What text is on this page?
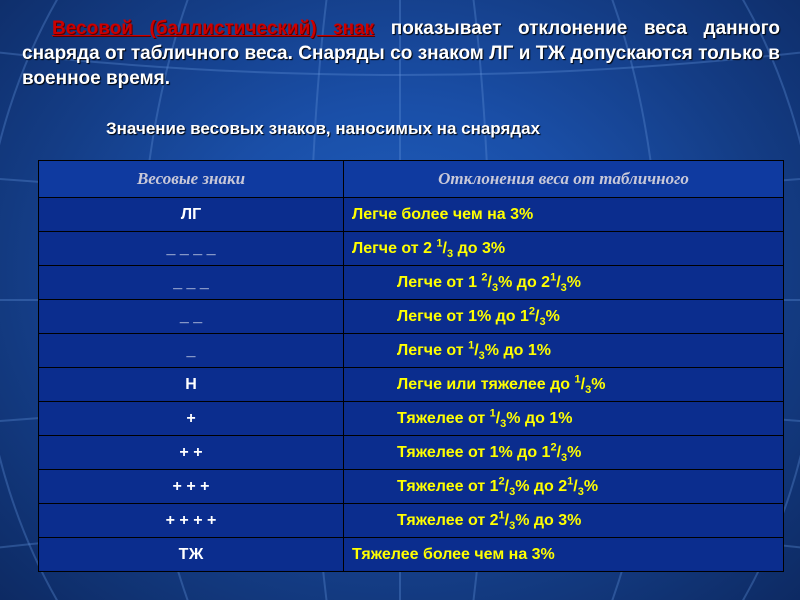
Весовой (баллистический) знак показывает отклонение веса данного снаряда от табличного веса. Снаряды со знаком ЛГ и ТЖ допускаются только в военное время.

Значение весовых знаков, наносимых на снарядах

Весовые знаки	Отклонения веса от табличного
ЛГ	Легче более чем на 3%
_ _ _ _	Легче от 2 $^1/_3$ до 3%
_ _ _	Легче от 1 $^2/_3\%$ до $2^1/_3\%$
_ _	Легче от 1% до $1^2/_3\%$
_	Легче от $^1/_3\%$ до 1%
Н	Легче или тяжелее до $^1/_3\%$
+	Тяжелее от $^1/_3\%$ до 1%
+ +	Тяжелее от 1% до $1^2/_3\%$
+ + +	Тяжелее от $1^2/_3\%$ до $2^1/_3\%$
+ + + +	Тяжелее от $2^1/_3\%$ до 3%
ТЖ	Тяжелее более чем на 3%
